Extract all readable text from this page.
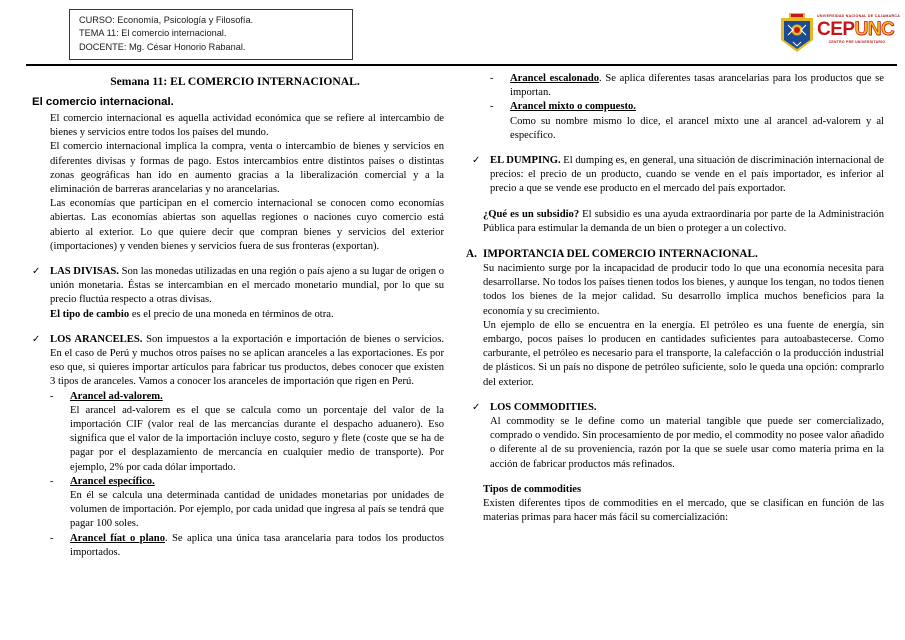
CURSO: Economía, Psicología y Filosofía.
TEMA 11: El comercio internacional.
DOCENTE: Mg. César Honorio Rabanal.
UNIVERSIDAD NACIONAL DE CAJAMARCA
CEPUNC
CENTRO PRE UNIVERSITARIO
Semana 11: EL COMERCIO INTERNACIONAL.
El comercio internacional.

El comercio internacional es aquella actividad económica que se refiere al intercambio de bienes y servicios entre todos los países del mundo.

El comercio internacional implica la compra, venta o intercambio de bienes y servicios en diferentes divisas y formas de pago. Estos intercambios entre distintos países o distintas zonas geográficas han ido en aumento gracias a la liberalización comercial y a la eliminación de barreras arancelarias y no arancelarias.

Las economías que participan en el comercio internacional se conocen como economías abiertas. Las economías abiertas son aquellas regiones o naciones cuyo comercio está abierto al exterior. Lo que quiere decir que compran bienes y servicios del exterior (importaciones) y venden bienes y servicios fuera de sus fronteras (exportan).

✓ LAS DIVISAS. Son las monedas utilizadas en una región o país ajeno a su lugar de origen o unión monetaria. Éstas se intercambian en el mercado monetario mundial, por lo que su precio fluctúa respecto a otras divisas.
El tipo de cambio es el precio de una moneda en términos de otra.
✓ LOS ARANCELES. Son impuestos a la exportación e importación de bienes o servicios. En el caso de Perú y muchos otros países no se aplican aranceles a las exportaciones. Es por eso que, si quieres importar artículos para fabricar tus productos, debes conocer que existen 3 tipos de aranceles. Vamos a conocer los aranceles de importación que rigen en Perú.
-	Arancel ad-valorem.

El arancel ad-valorem es el que se calcula como un porcentaje del valor de la importación CIF (valor real de las mercancías durante el despacho aduanero). Eso significa que el valor de la importación incluye costo, seguro y flete (coste que se ha de pagar por el desplazamiento de mercancía en cualquier medio de transporte). Por ejemplo, 2% por cada dólar importado.

-	Arancel específico.

En él se calcula una determinada cantidad de unidades monetarias por unidades de volumen de importación. Por ejemplo, por cada unidad que ingresa al país se tendrá que pagar 100 soles.

-	Arancel fíat o plano. Se aplica una única tasa arancelaria para todos los productos importados.
-	Arancel escalonado. Se aplica diferentes tasas arancelarias para los productos que se importan.
-	Arancel mixto o compuesto.

Como su nombre mismo lo dice, el arancel mixto une al arancel ad-valorem y al específico.

✓ EL DUMPING. El dumping es, en general, una situación de discriminación internacional de precios: el precio de un producto, cuando se vende en el país importador, es inferior al precio a que se vende ese producto en el mercado del país exportador.

¿Qué es un subsidio? El subsidio es una ayuda extraordinaria por parte de la Administración Pública para estimular la demanda de un bien o proteger a un colectivo.

A. IMPORTANCIA DEL COMERCIO INTERNACIONAL.

Su nacimiento surge por la incapacidad de producir todo lo que una economía necesita para desarrollarse. No todos los países tienen todos los bienes, y aunque los tengan, no todos tienen todos los bienes de la mejor calidad. Su desarrollo implica muchos beneficios para la economía y su crecimiento.

Un ejemplo de ello se encuentra en la energía. El petróleo es una fuente de energía, sin embargo, pocos países lo producen en cantidades suficientes para autoabastecerse. Como carburante, el petróleo es necesario para el transporte, la calefacción o la producción industrial de plásticos. Si un país no dispone de petróleo suficiente, solo le queda una opción: comprarlo del exterior.

✓ LOS COMMODITIES.
Al commodity se le define como un material tangible que puede ser comercializado, comprado o vendido. Sin procesamiento de por medio, el commodity no posee valor añadido o diferente al de su proveniencia, razón por la que se suele usar como materia prima en la acción de fabricar productos más refinados.

Tipos de commodities

Existen diferentes tipos de commodities en el mercado, que se clasifican en función de las materias primas para hacer más fácil su comercialización:
